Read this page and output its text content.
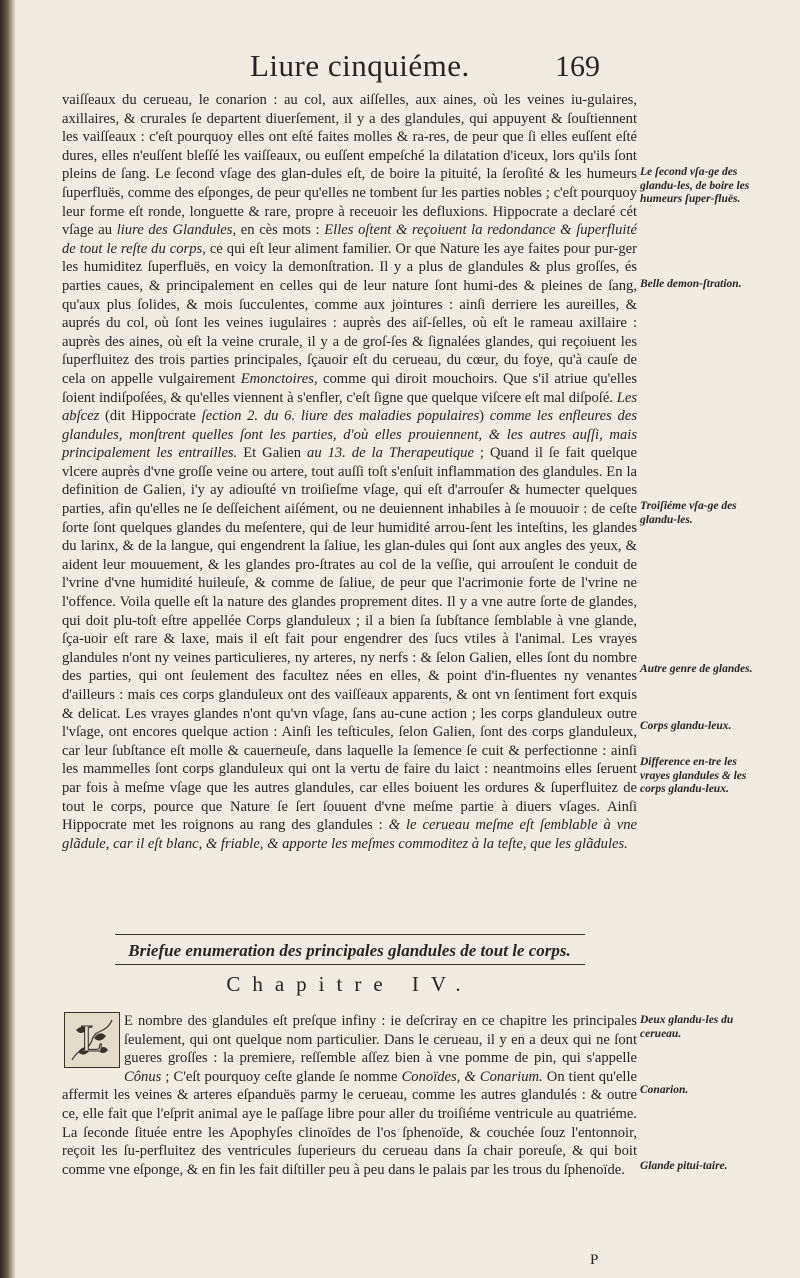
Liure cinquiéme.	169

vaiſſeaux du cerueau, le conarion : au col, aux aiſſelles, aux aines, où les veines iu-gulaires, axillaires, & crurales ſe departent diuerſement, il y a des glandules, qui appuyent & ſouſtiennent les vaiſſeaux : c'eſt pourquoy elles ont eſté faites molles & ra-res, de peur que ſi elles euſſent eſté dures, elles n'euſſent bleſſé les vaiſſeaux, ou euſſent empeſché la dilatation d'iceux, lors qu'ils ſont pleins de ſang. Le ſecond vſage des glan-dules eſt, de boire la pituité, la ſeroſité & les humeurs ſuperfluës, comme des eſponges, de peur qu'elles ne tombent ſur les parties nobles ; c'eſt pourquoy leur forme eſt ronde, longuette & rare, propre à receuoir les defluxions. Hippocrate a declaré cét vſage au liure des Glandules, en cès mots : Elles oſtent & reçoiuent la redondance & ſuperfluité de tout le reſte du corps, ce qui eſt leur aliment familier. Or que Nature les aye faites pour pur-ger les humiditez ſuperfluës, en voicy la demonſtration. Il y a plus de glandules & plus groſſes, és parties caues, & principalement en celles qui de leur nature ſont humi-des & pleines de ſang, qu'aux plus ſolides, & mois ſucculentes, comme aux jointures : ainſi derriere les aureilles, & auprés du col, où ſont les veines iugulaires : auprès des aiſ-ſelles, où eſt le rameau axillaire : auprès des aines, où eſt la veine crurale, il y a de groſ-ſes & ſignalées glandes, qui reçoiuent les ſuperfluitez des trois parties principales, ſçauoir eſt du cerueau, du cœur, du foye, qu'à cauſe de cela on appelle vulgairement Emonctoires, comme qui diroit mouchoirs. Que s'il atriue qu'elles ſoient indiſpoſées, & qu'elles viennent à s'enfler, c'eſt ſigne que quelque viſcere eſt mal diſpoſé. Les abſcez (dit Hippocrate ſection 2. du 6. liure des maladies populaires) comme les enfleures des glandules, monſtrent quelles ſont les parties, d'où elles prouiennent, & les autres auſſi, mais principalement les entrailles. Et Galien au 13. de la Therapeutique ; Quand il ſe fait quelque vlcere auprès d'vne groſſe veine ou artere, tout auſſi toſt s'enſuit inflammation des glandules. En la definition de Galien, i'y ay adiouſté vn troiſieſme vſage, qui eſt d'arrouſer & humecter quelques parties, afin qu'elles ne ſe deſſeichent aiſément, ou ne deuiennent inhabiles à ſe mouuoir : de ceſte ſorte ſont quelques glandes du meſentere, qui de leur humidité arrou-ſent les inteſtins, les glandes du larinx, & de la langue, qui engendrent la ſaliue, les glan-dules qui ſont aux angles des yeux, & aident leur mouuement, & les glandes pro-ſtrates au col de la veſſie, qui arrouſent le conduit de l'vrine d'vne humidité huileuſe, & comme de ſaliue, de peur que l'acrimonie forte de l'vrine ne l'offence. Voila quelle eſt la nature des glandes proprement dites. Il y a vne autre ſorte de glandes, qui doit plu-toſt eſtre appellée Corps glanduleux ; il a bien ſa ſubſtance ſemblable à vne glande, ſça-uoir eſt rare & laxe, mais il eſt fait pour engendrer des ſucs vtiles à l'animal. Les vrayes glandules n'ont ny veines particulieres, ny arteres, ny nerfs : & ſelon Galien, elles ſont du nombre des parties, qui ont ſeulement des facultez nées en elles, & point d'in-fluentes ny venantes d'ailleurs : mais ces corps glanduleux ont des vaiſſeaux apparents, & ont vn ſentiment fort exquis & delicat. Les vrayes glandes n'ont qu'vn vſage, ſans au-cune action ; les corps glanduleux outre l'vſage, ont encores quelque action : Ainſi les teſticules, ſelon Galien, ſont des corps glanduleux, car leur ſubſtance eſt molle & cauerneuſe, dans laquelle la ſemence ſe cuit & perfectionne : ainſi les mammelles ſont corps glanduleux qui ont la vertu de faire du laict : neantmoins elles ſeruent par fois à meſme vſage que les autres glandules, car elles boiuent les ordures & ſuperfluitez de tout le corps, pource que Nature ſe ſert ſouuent d'vne meſme partie à diuers vſages. Ainſi Hippocrate met les roignons au rang des glandules : & le cerueau meſme eſt ſemblable à vne glãdule, car il eſt blanc, & friable, & apporte les meſmes commoditez à la teſte, que les glãdules.

Briefue enumeration des principales glandules de tout le corps.
Chapitre IV.
E nombre des glandules eſt preſque infiny : ie deſcriray en ce chapitre les principales ſeulement, qui ont quelque nom particulier. Dans le cerueau, il y en a deux qui ne ſont gueres groſſes : la premiere, reſſemble aſſez bien à vne pomme de pin, qui s'appelle Cônus ; C'eſt pourquoy ceſte glande ſe nomme Conoïdes, & Conarium. On tient qu'elle affermit les veines & arteres eſpanduës parmy le cerueau, comme les autres glandulés : & outre ce, elle fait que l'eſprit animal aye le paſſage libre pour aller du troiſiéme ventricule au quatriéme. La ſeconde ſituée entre les Apophyſes clinoïdes de l'os ſphenoïde, & couchée ſouz l'entonnoir, reçoit les ſu-perfluitez des ventricules ſuperieurs du cerueau dans ſa chair poreuſe, & qui boit comme vne eſponge, & en fin les fait diſtiller peu à peu dans le palais par les trous du ſphenoïde.
L
P
Le ſecond vſa-ge des glandu-les, de boire les humeurs ſuper-fluës.
Belle demon-ſtration.
Troiſiéme vſa-ge des glandu-les.
Autre genre de glandes.
Corps glandu-leux.
Difference en-tre les vrayes glandules & les corps glandu-leux.
Deux glandu-les du cerueau.
Conarion.
Glande pitui-taire.
